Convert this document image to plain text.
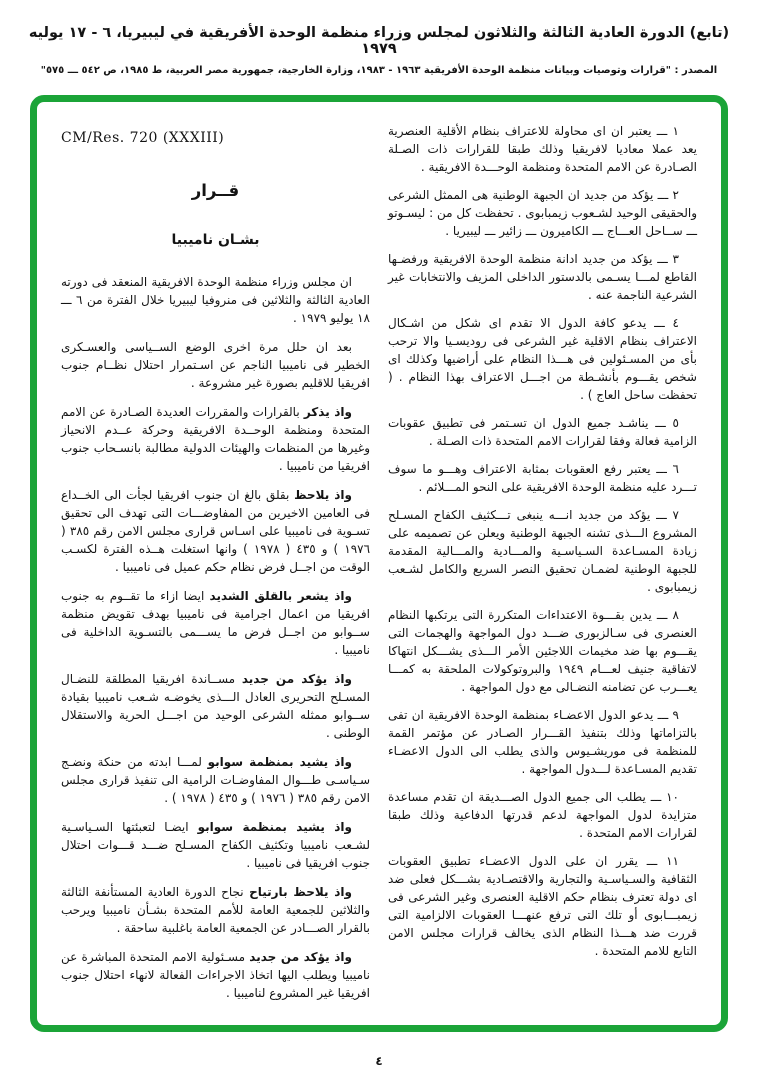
(تابع) الدورة العادية الثالثة والثلاثون لمجلس وزراء منظمة الوحدة الأفريقية في ليبيريا، ٦ - ١٧ يوليه ١٩٧٩
المصدر : "قرارات وتوصيات وبيانات منظمة الوحدة الأفريقية ١٩٦٣ - ١٩٨٣، وزارة الخارجية، جمهورية مصر العربية، ط ١٩٨٥، ص ٥٤٢ ـــ ٥٧٥"

١ ـــ يعتبر ان اى محاولة للاعتراف بنظام الأقلية العنصرية يعد عملا معاديا لافريقيا وذلك طبقا للقرارات ذات الصـلة الصـادرة عن الامم المتحدة ومنظمة الوحـــدة الافريقية .

٢ ـــ يؤكد من جديد ان الجبهة الوطنية هى الممثل الشرعى والحقيقى الوحيد لشـعوب زيمبابوى . تحفظت كل من : ليسـوتو ـــ ســاحل العـــاج ـــ الكاميرون ـــ زائير ـــ ليبيريا .

٣ ـــ يؤكد من جديد ادانة منظمة الوحدة الافريقية ورفضـها القاطع لمـــا يسـمى بالدستور الداخلى المزيف والانتخابات غير الشرعية الناجمة عنه .

٤ ـــ يدعو كافة الدول الا تقدم اى شكل من اشـكال الاعتراف بنظام الاقلية غير الشرعى فى روديسـيا والا ترحب بأى من المسـئولين فى هـــذا النظام على أراضيها وكذلك اى شخص يقـــوم بأنشـطة من اجـــل الاعتراف بهذا النظام . ( تحفظت ساحل العاج ) .

٥ ـــ يناشـد جميع الدول ان تسـتمر فى تطبيق عقوبات الزامية فعالة وفقا لقرارات الامم المتحدة ذات الصـلة .

٦ ـــ يعتبر رفع العقوبات بمثابة الاعتراف وهـــو ما سوف تـــرد عليه منظمة الوحدة الافريقية على النحو المـــلائم .

٧ ـــ يؤكد من جديد انـــه ينبغى تـــكثيف الكفاح المسـلح المشروع الـــذى تشنه الجبهة الوطنية ويعلن عن تصميمه على زيادة المسـاعدة السـياسـية والمـــادية والمـــالية المقدمة للجبهة الوطنية لضمـان تحقيق النصر السريع والكامل لشـعب زيمبابوى .

٨ ـــ يدين بقـــوة الاعتداءات المتكررة التى يرتكبها النظام العنصرى فى سـالزبورى ضـــد دول المواجهة والهجمات التى يقـــوم بها ضد مخيمات اللاجئين الأمر الـــذى يشـــكل انتهاكا لاتفاقية جنيف لعـــام ١٩٤٩ والبروتوكولات الملحقة به كمـــا يعـــرب عن تضامنه النضـالى مع دول المواجهة .

٩ ـــ يدعو الدول الاعضـاء بمنظمة الوحدة الافريقية ان تفى بالتزاماتها وذلك بتنفيذ القـــرار الصـادر عن مؤتمر القمة للمنظمة فى موريشـيوس والذى يطلب الى الدول الاعضـاء تقديم المسـاعدة لـــدول المواجهة .

١٠ ـــ يطلب الى جميع الدول الصـــديقة ان تقدم مساعدة متزايدة لدول المواجهة لدعم قدرتها الدفاعية وذلك طبقا لقرارات الامم المتحدة .

١١ ـــ يقرر ان على الدول الاعضـاء تطبيق العقوبات الثقافية والسـياسـية والتجارية والاقتصـادية بشـــكل فعلى ضد اى دولة تعترف بنظام حكم الاقلية العنصرى وغير الشرعى فى زيمبـــابوى أو تلك التى ترفع عنهـــا العقوبات الالزامية التى قررت ضد هـــذا النظام الذى يخالف قرارات مجلس الامن التابع للامم المتحدة .

CM/Res. 720 (XXXIII)
قــرار
بشـان ناميبيا

ان مجلس وزراء منظمة الوحدة الافريقية المنعقد فى دورته العادية الثالثة والثلاثين فى منروفيا ليبيريا خلال الفترة من ٦ ـــ ١٨ يوليو ١٩٧٩ .

بعد ان حلل مرة اخرى الوضع الســياسى والعسـكرى الخطير فى ناميبيا الناجم عن اسـتمرار احتلال نظــام جنوب افريقيا للاقليم بصورة غير مشروعة .

واذ يذكر بالقرارات والمقررات العديدة الصـادرة عن الامم المتحدة ومنظمة الوحــدة الافريقية وحركة عــدم الانحياز وغيرها من المنظمات والهيئات الدولية مطالبة بانسـحاب جنوب افريقيا من ناميبيا .

واذ يلاحظ بقلق بالغ ان جنوب افريقيا لجأت الى الخــداع فى العامين الاخيرين من المفاوضـــات التى تهدف الى تحقيق تسـوية فى ناميبيا على اسـاس قرارى مجلس الامن رقم ٣٨٥ ( ١٩٧٦ ) و ٤٣٥ ( ١٩٧٨ ) وانها استغلت هــذه الفترة لكسـب الوقت من اجــل فرض نظام حكم عميل فى ناميبيا .

واذ يشعر بالقلق الشديد ايضا ازاء ما تقــوم به جنوب افريقيا من اعمال اجرامية فى ناميبيا بهدف تقويض منظمة ســوابو من اجــل فرض ما يســـمى بالتسـوية الداخلية فى ناميبيا .

واذ يؤكد من جديد مســاندة افريقيا المطلقة للنضـال المسـلح التحريرى العادل الـــذى يخوضـه شـعب ناميبيا بقيادة ســوابو ممثله الشرعى الوحيد من اجـــل الحرية والاستقلال الوطنى .

واذ يشيد بمنظمة سوابو لمـــا ابدته من حنكة ونضـج سـياسـى طـــوال المفاوضـات الرامية الى تنفيذ قرارى مجلس الامن رقم ٣٨٥ ( ١٩٧٦ ) و ٤٣٥ ( ١٩٧٨ ) .

واذ يشيد بمنظمة سوابو ايضـا لتعبئتها السـياسـية لشـعب ناميبيا وتكثيف الكفاح المسـلح ضـــد قـــوات احتلال جنوب افريقيا فى ناميبيا .

واذ يلاحظ بارتياح نجاح الدورة العادية المستأنفة الثالثة والثلاثين للجمعية العامة للأمم المتحدة بشـأن ناميبيا ويرحب بالقرار الصـــادر عن الجمعية العامة باغلبية ساحقة .

واذ يؤكد من جديد مسـئولية الامم المتحدة المباشرة عن ناميبيا ويطلب اليها اتخاذ الاجراءات الفعالة لانهاء احتلال جنوب افريقيا غير المشروع لناميبيا .

٤
